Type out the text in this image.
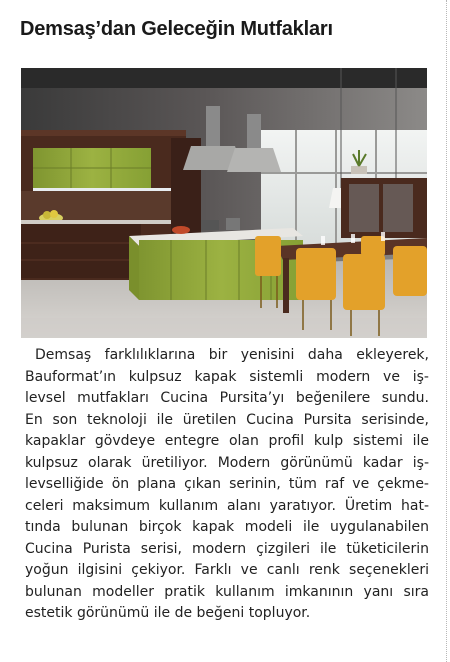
Demsaş’dan Geleceğin Mutfakları
Demsaş farklılıklarına bir yenisini daha ekleyerek,
Bauformat’ın kulpsuz kapak sistemli modern ve iş-
levsel mutfakları Cucina Pursita’yı beğenilere sundu.
En son teknoloji ile üretilen Cucina Pursita serisinde,
kapaklar gövdeye entegre olan profil kulp sistemi ile
kulpsuz olarak üretiliyor. Modern görünümü kadar iş-
levselliğide ön plana çıkan serinin, tüm raf ve çekme-
celeri maksimum kullanım alanı yaratıyor. Üretim hat-
tında bulunan birçok kapak modeli ile uygulanabilen
Cucina Purista serisi, modern çizgileri ile tüketicilerin
yoğun ilgisini çekiyor. Farklı ve canlı renk seçenekleri
bulunan modeller pratik kullanım imkanının yanı sıra
estetik görünümü ile de beğeni topluyor.
